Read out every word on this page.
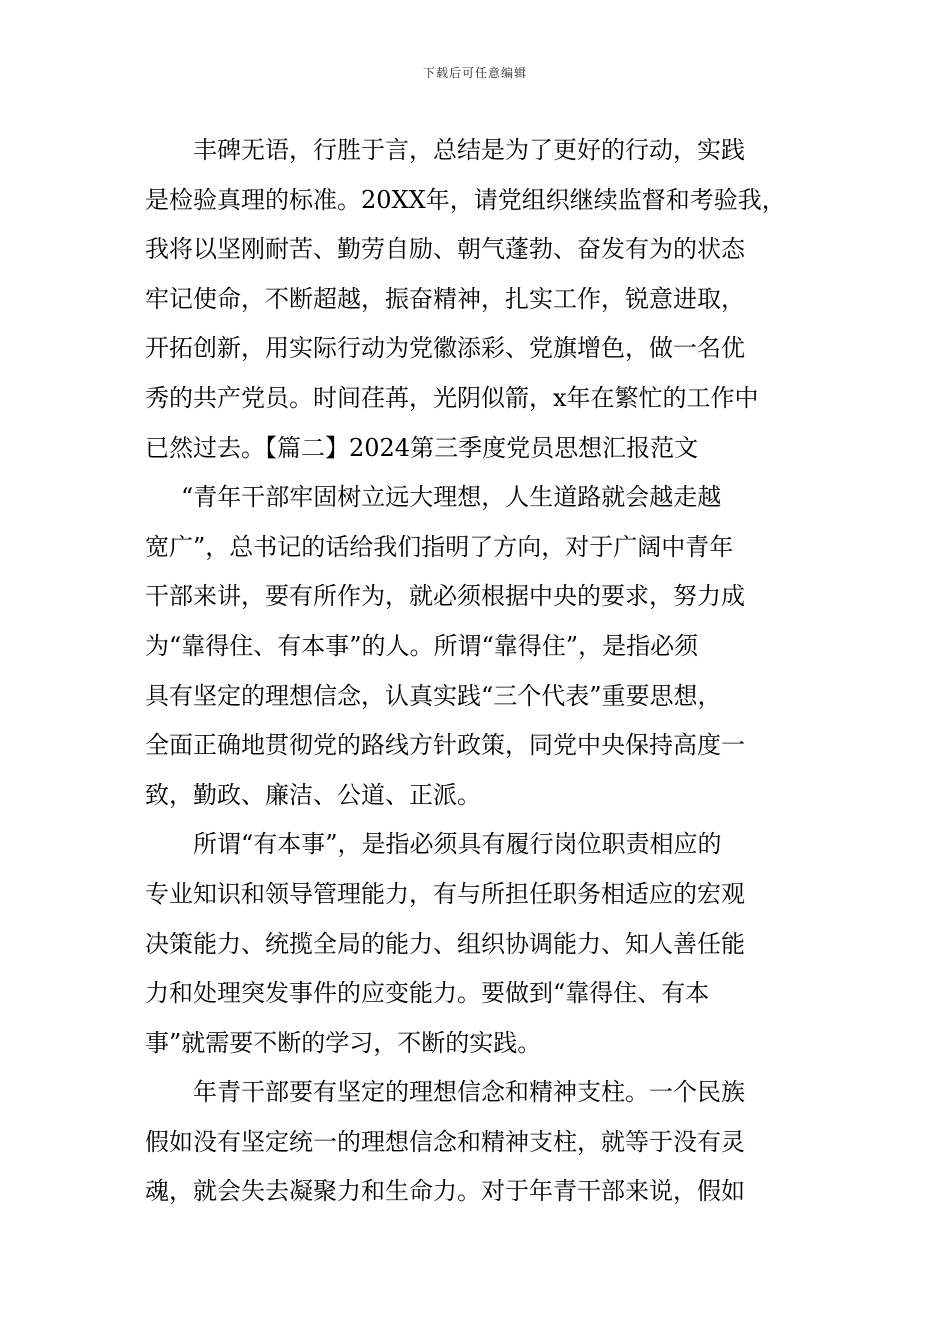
下载后可任意编辑
丰碑无语，行胜于言，总结是为了更好的行动，实践
是检验真理的标准。20XX年，请党组织继续监督和考验我，
我将以坚刚耐苦、勤劳自励、朝气蓬勃、奋发有为的状态
牢记使命，不断超越，振奋精神，扎实工作，锐意进取，
开拓创新，用实际行动为党徽添彩、党旗增色，做一名优
秀的共产党员。时间荏苒，光阴似箭，x年在繁忙的工作中
已然过去。【篇二】2024第三季度党员思想汇报范文
“青年干部牢固树立远大理想，人生道路就会越走越
宽广”，总书记的话给我们指明了方向，对于广阔中青年
干部来讲，要有所作为，就必须根据中央的要求，努力成
为“靠得住、有本事”的人。所谓“靠得住”，是指必须
具有坚定的理想信念，认真实践“三个代表”重要思想，
全面正确地贯彻党的路线方针政策，同党中央保持高度一
致，勤政、廉洁、公道、正派。
所谓“有本事”，是指必须具有履行岗位职责相应的
专业知识和领导管理能力，有与所担任职务相适应的宏观
决策能力、统揽全局的能力、组织协调能力、知人善任能
力和处理突发事件的应变能力。要做到“靠得住、有本
事”就需要不断的学习，不断的实践。
年青干部要有坚定的理想信念和精神支柱。一个民族
假如没有坚定统一的理想信念和精神支柱，就等于没有灵
魂，就会失去凝聚力和生命力。对于年青干部来说，假如
